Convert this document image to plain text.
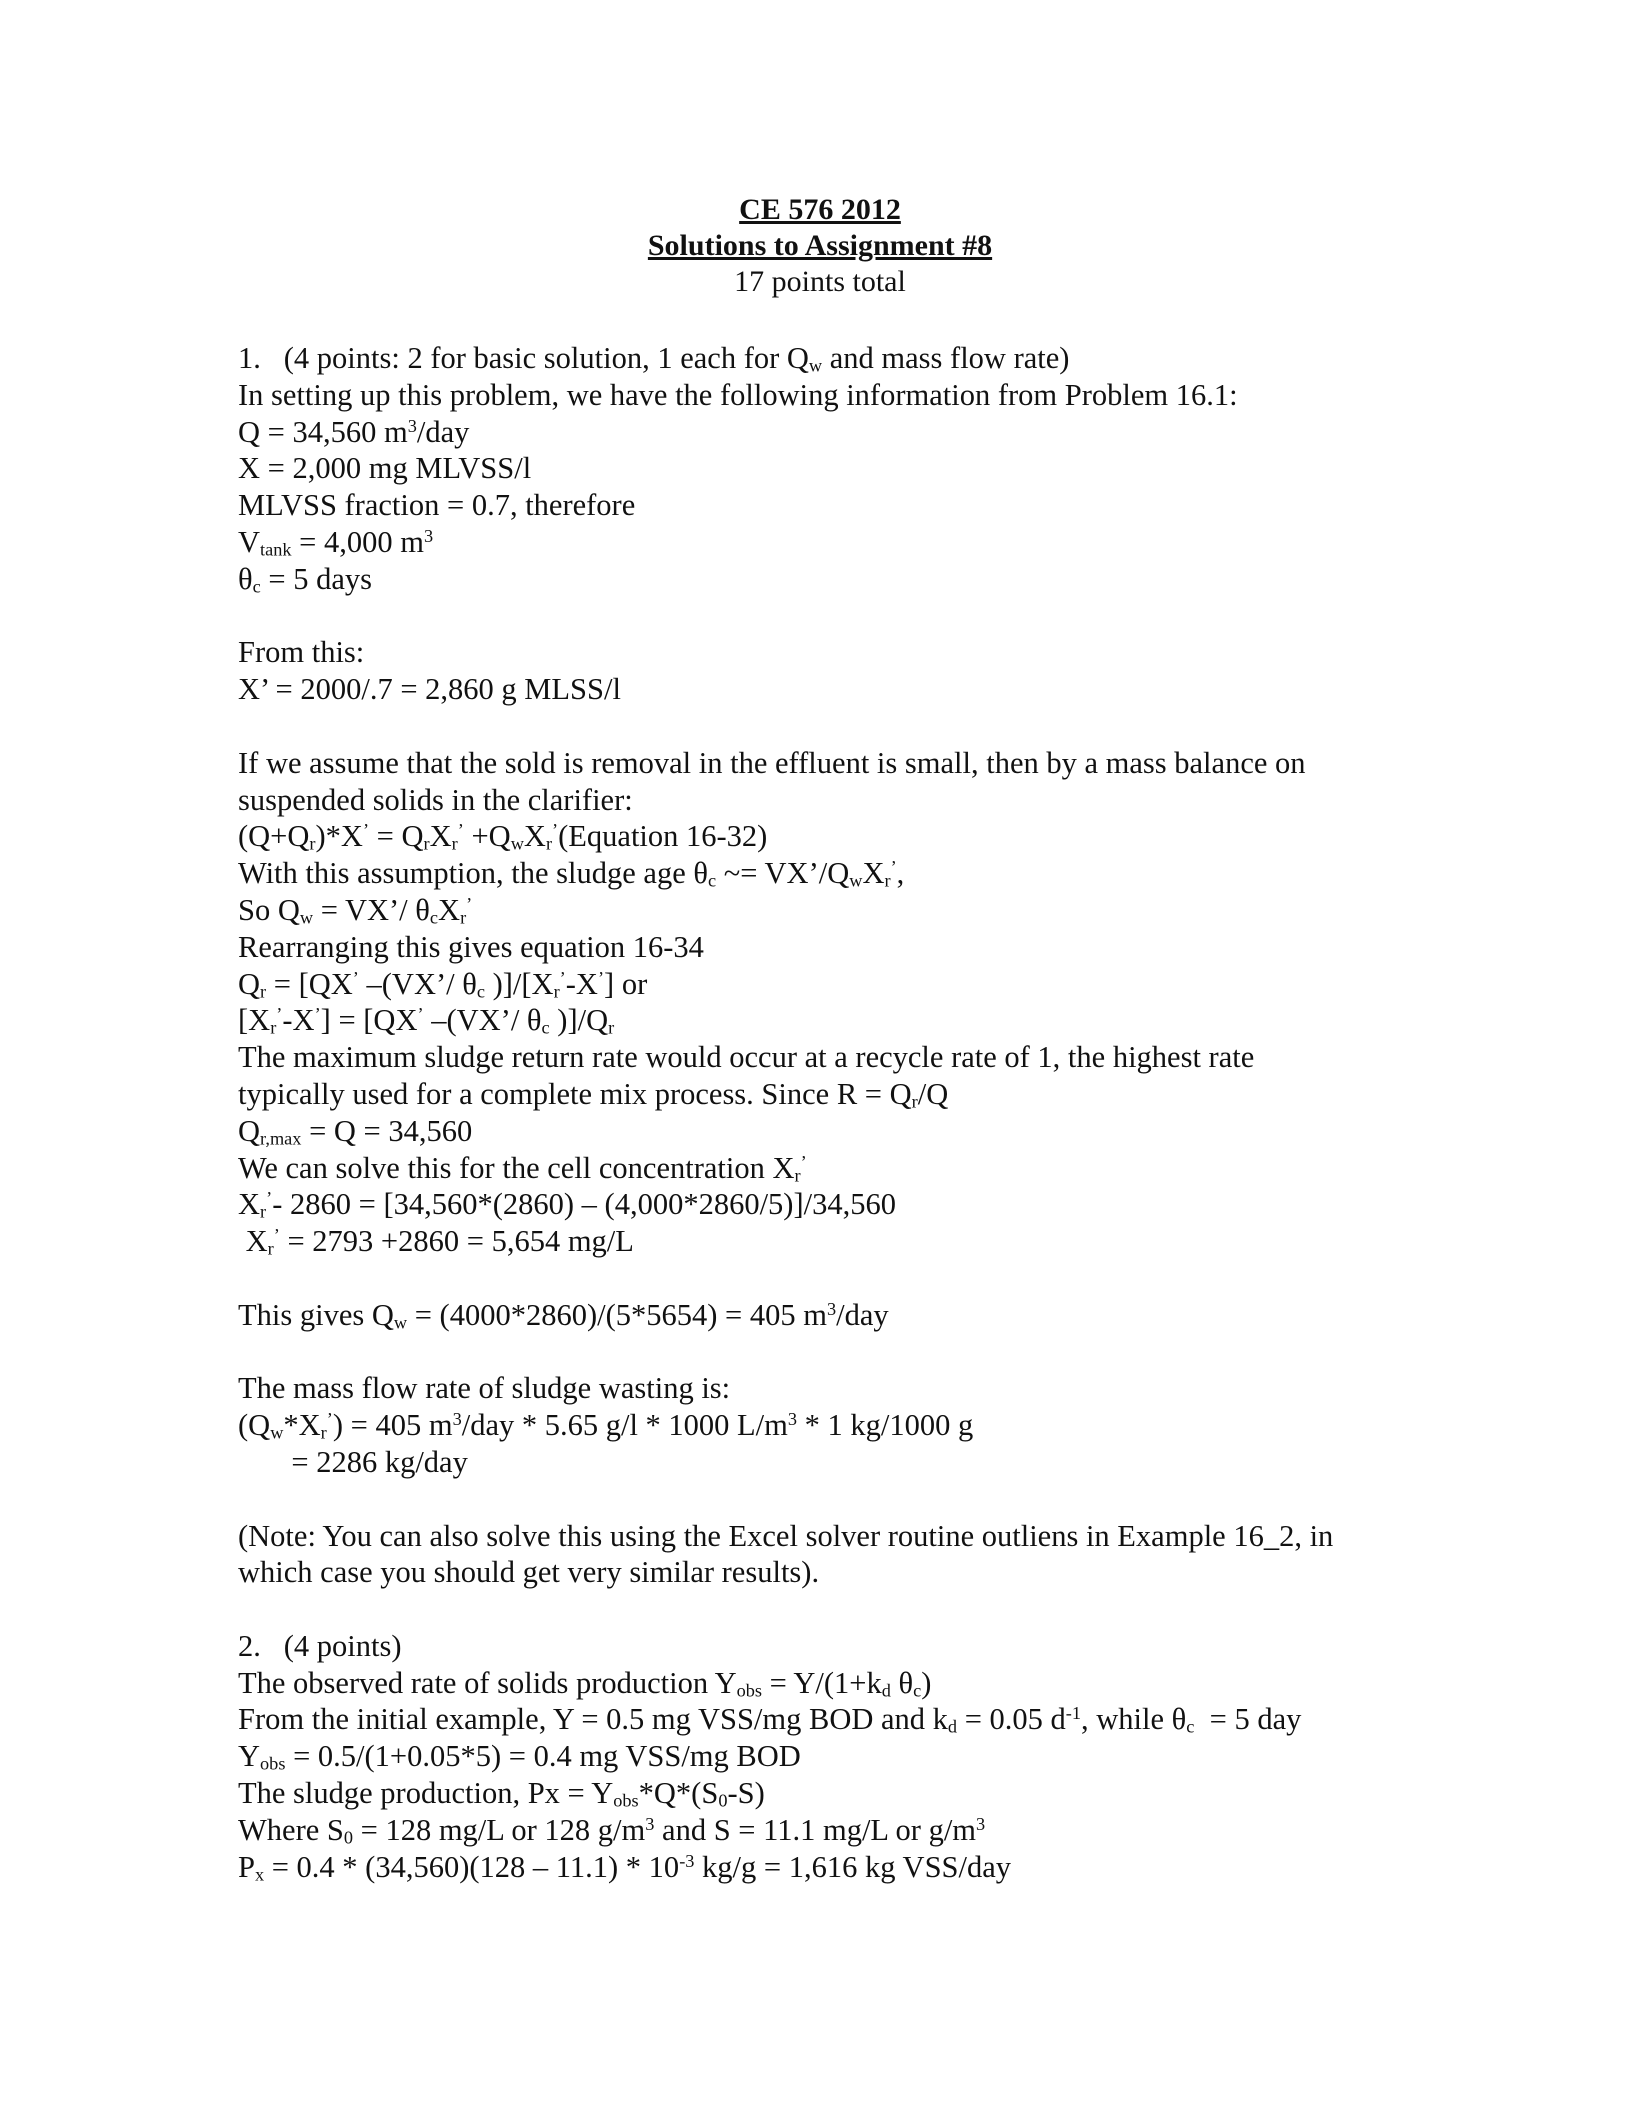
CE 576 2012
Solutions to Assignment #8
17 points total
1.   (4 points: 2 for basic solution, 1 each for $Q_w$ and mass flow rate)
In setting up this problem, we have the following information from Problem 16.1:
Q = 34,560 $m^3$/day
X = 2,000 mg MLVSS/l
MLVSS fraction = 0.7, therefore
$V_{tank} = 4,000$ $m^3$
$\theta_c = 5$ days
From this:
X’ = 2000/.7 = 2,860 g MLSS/l
If we assume that the sold is removal in the effluent is small, then by a mass balance on
suspended solids in the clarifier:
$(Q+Q_r)*X^’ = Q_rX_r^’$ $+Q_wX_r^’(Equation$ 16-32)
With this assumption, the sludge age $\theta_c$ ~= $VX’/Q_wX_r^’$,
So $Q_w$ = VX’/ $\theta_cX_r^’$
Rearranging this gives equation 16-34
$Q_r = [QX^’$ –(VX’/ $\theta_c$ )]$/[X_r^’-X^’]$ or
$[X_r^’-X^’] = [QX^’$ –(VX’/ $\theta_c$ )]$/Q_r$
The maximum sludge return rate would occur at a recycle rate of 1, the highest rate
typically used for a complete mix process. Since $R = Q_r/Q$
$Q_{r,max} = Q = 34,560$
We can solve this for the cell concentration $X_r^’$
$X_r^’-$ 2860 = [34,560*(2860) – (4,000*2860/5)]/34,560
$X_r^’ = 2793 +2860 = 5,654$ mg/L
This gives $Q_w = (4000*2860)/(5*5654) = 405$ $m^3$/day
The mass flow rate of sludge wasting is:
$(Q_w*X_r^’) = 405$ $m^3$/day * 5.65 g/l * 1000 $L/m^3 * 1$ kg/1000 g
= 2286 kg/day
(Note: You can also solve this using the Excel solver routine outliens in Example 16_2, in
which case you should get very similar results).
2.   (4 points)
The observed rate of solids production $Y_{obs} = Y/(1+k_d$ $\theta_c$)
From the initial example, Y = 0.5 mg VSS/mg BOD and $k_d = 0.05$ $d^{-1}$, while $\theta_c = 5$ day
$Y_{obs} = 0.5/(1+0.05*5) = 0.4$ mg VSS/mg BOD
The sludge production, $Px = Y_{obs}*Q*(S_0-S)$
Where $S_0 = 128$ mg/L or 128 $g/m^3$ and S = 11.1 mg/L or $g/m^3$
$P_x = 0.4 * (34,560)(128 - 11.1) * 10^{-3}$ kg/g = 1,616 kg VSS/day
